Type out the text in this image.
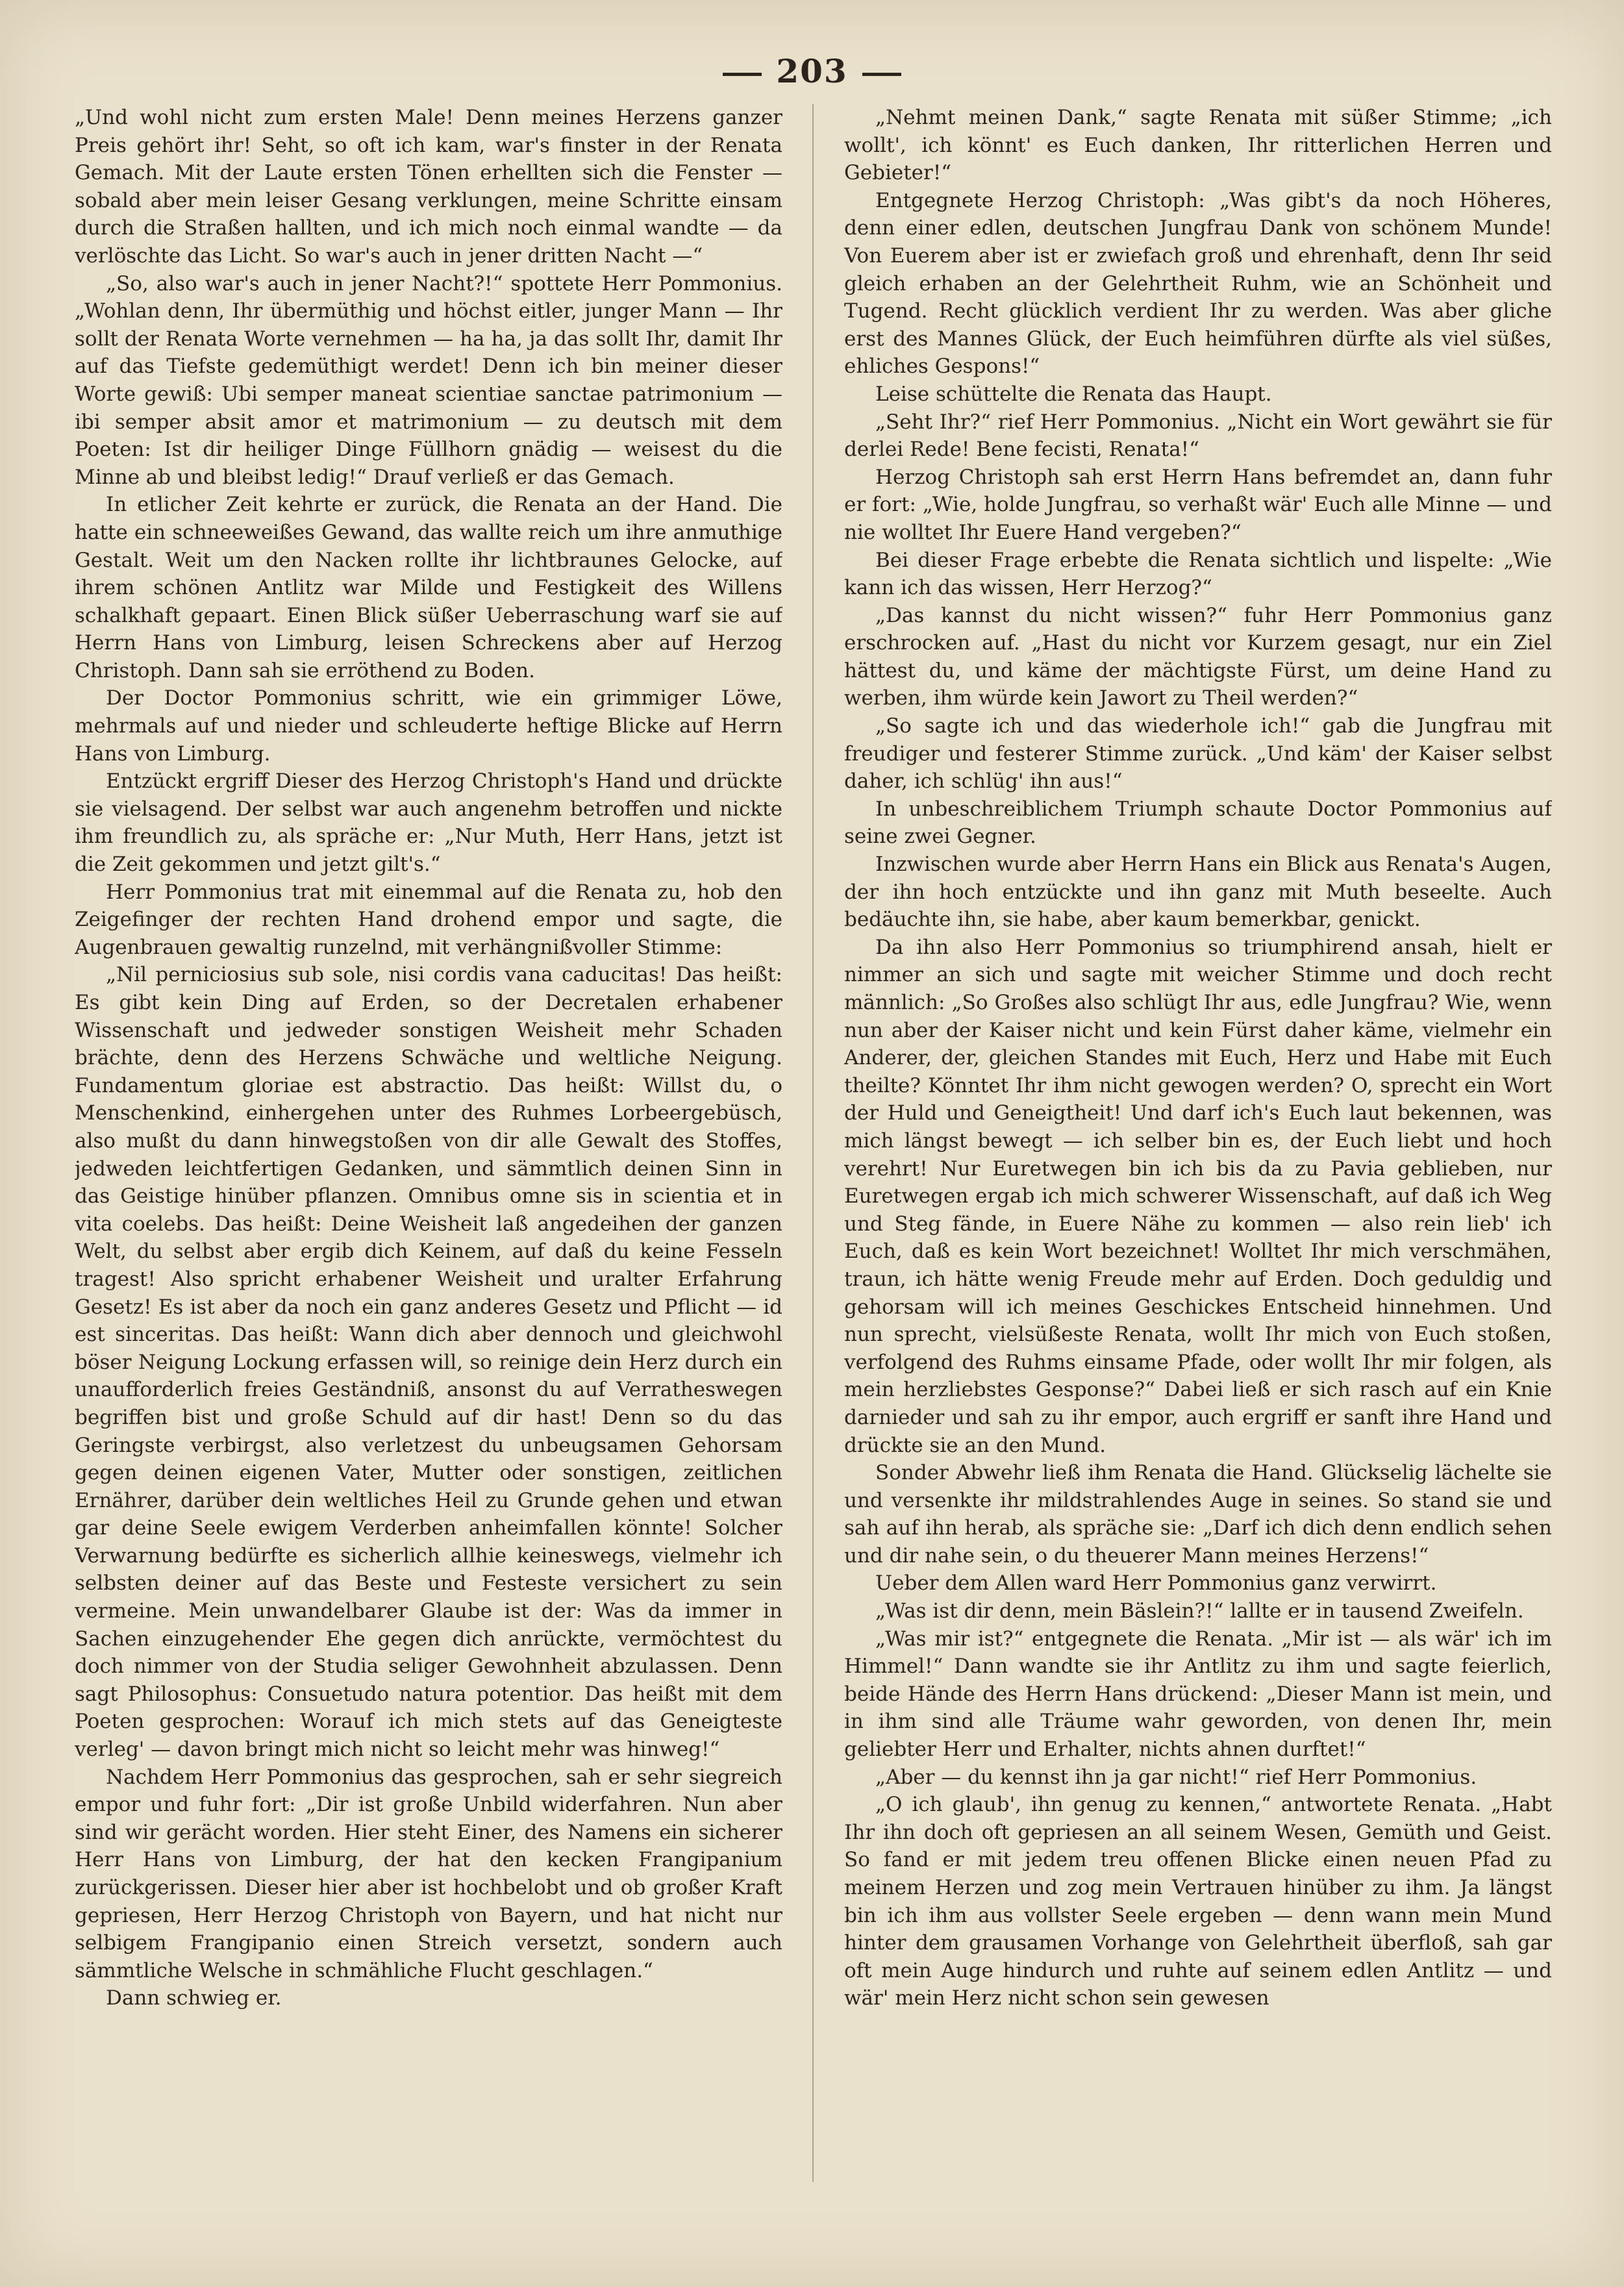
203

„Und wohl nicht zum ersten Male! Denn meines Herzens ganzer Preis gehört ihr! Seht, so oft ich kam, war's finster in der Renata Gemach. Mit der Laute ersten Tönen erhellten sich die Fenster — sobald aber mein leiser Gesang verklungen, meine Schritte einsam durch die Straßen hallten, und ich mich noch einmal wandte — da verlöschte das Licht. So war's auch in jener dritten Nacht —“

„So, also war's auch in jener Nacht?!“ spottete Herr Pommonius. „Wohlan denn, Ihr übermüthig und höchst eitler, junger Mann — Ihr sollt der Renata Worte vernehmen — ha ha, ja das sollt Ihr, damit Ihr auf das Tiefste gedemüthigt werdet! Denn ich bin meiner dieser Worte gewiß: Ubi semper maneat scientiae sanctae patrimonium — ibi semper absit amor et matrimonium — zu deutsch mit dem Poeten: Ist dir heiliger Dinge Füllhorn gnädig — weisest du die Minne ab und bleibst ledig!“ Drauf verließ er das Gemach.

In etlicher Zeit kehrte er zurück, die Renata an der Hand. Die hatte ein schneeweißes Gewand, das wallte reich um ihre anmuthige Gestalt. Weit um den Nacken rollte ihr lichtbraunes Gelocke, auf ihrem schönen Antlitz war Milde und Festigkeit des Willens schalkhaft gepaart. Einen Blick süßer Ueberraschung warf sie auf Herrn Hans von Limburg, leisen Schreckens aber auf Herzog Christoph. Dann sah sie erröthend zu Boden.

Der Doctor Pommonius schritt, wie ein grimmiger Löwe, mehrmals auf und nieder und schleuderte heftige Blicke auf Herrn Hans von Limburg.

Entzückt ergriff Dieser des Herzog Christoph's Hand und drückte sie vielsagend. Der selbst war auch angenehm betroffen und nickte ihm freundlich zu, als spräche er: „Nur Muth, Herr Hans, jetzt ist die Zeit gekommen und jetzt gilt's.“

Herr Pommonius trat mit einemmal auf die Renata zu, hob den Zeigefinger der rechten Hand drohend empor und sagte, die Augenbrauen gewaltig runzelnd, mit verhängnißvoller Stimme:

„Nil perniciosius sub sole, nisi cordis vana caducitas! Das heißt: Es gibt kein Ding auf Erden, so der Decretalen erhabener Wissenschaft und jedweder sonstigen Weisheit mehr Schaden brächte, denn des Herzens Schwäche und weltliche Neigung. Fundamentum gloriae est abstractio. Das heißt: Willst du, o Menschenkind, einhergehen unter des Ruhmes Lorbeergebüsch, also mußt du dann hinwegstoßen von dir alle Gewalt des Stoffes, jedweden leichtfertigen Gedanken, und sämmtlich deinen Sinn in das Geistige hinüber pflanzen. Omnibus omne sis in scientia et in vita coelebs. Das heißt: Deine Weisheit laß angedeihen der ganzen Welt, du selbst aber ergib dich Keinem, auf daß du keine Fesseln tragest! Also spricht erhabener Weisheit und uralter Erfahrung Gesetz! Es ist aber da noch ein ganz anderes Gesetz und Pflicht — id est sinceritas. Das heißt: Wann dich aber dennoch und gleichwohl böser Neigung Lockung erfassen will, so reinige dein Herz durch ein unaufforderlich freies Geständniß, ansonst du auf Verratheswegen begriffen bist und große Schuld auf dir hast! Denn so du das Geringste verbirgst, also verletzest du unbeugsamen Gehorsam gegen deinen eigenen Vater, Mutter oder sonstigen, zeitlichen Ernährer, darüber dein weltliches Heil zu Grunde gehen und etwan gar deine Seele ewigem Verderben anheimfallen könnte! Solcher Verwarnung bedürfte es sicherlich allhie keineswegs, vielmehr ich selbsten deiner auf das Beste und Festeste versichert zu sein vermeine. Mein unwandelbarer Glaube ist der: Was da immer in Sachen einzugehender Ehe gegen dich anrückte, vermöchtest du doch nimmer von der Studia seliger Gewohnheit abzulassen. Denn sagt Philosophus: Consuetudo natura potentior. Das heißt mit dem Poeten gesprochen: Worauf ich mich stets auf das Geneigteste verleg' — davon bringt mich nicht so leicht mehr was hinweg!“

Nachdem Herr Pommonius das gesprochen, sah er sehr siegreich empor und fuhr fort: „Dir ist große Unbild widerfahren. Nun aber sind wir gerächt worden. Hier steht Einer, des Namens ein sicherer Herr Hans von Limburg, der hat den kecken Frangipanium zurückgerissen. Dieser hier aber ist hochbelobt und ob großer Kraft gepriesen, Herr Herzog Christoph von Bayern, und hat nicht nur selbigem Frangipanio einen Streich versetzt, sondern auch sämmtliche Welsche in schmähliche Flucht geschlagen.“

Dann schwieg er.

„Nehmt meinen Dank,“ sagte Renata mit süßer Stimme; „ich wollt', ich könnt' es Euch danken, Ihr ritterlichen Herren und Gebieter!“

Entgegnete Herzog Christoph: „Was gibt's da noch Höheres, denn einer edlen, deutschen Jungfrau Dank von schönem Munde! Von Euerem aber ist er zwiefach groß und ehrenhaft, denn Ihr seid gleich erhaben an der Gelehrtheit Ruhm, wie an Schönheit und Tugend. Recht glücklich verdient Ihr zu werden. Was aber gliche erst des Mannes Glück, der Euch heimführen dürfte als viel süßes, ehliches Gespons!“

Leise schüttelte die Renata das Haupt.

„Seht Ihr?“ rief Herr Pommonius. „Nicht ein Wort gewährt sie für derlei Rede! Bene fecisti, Renata!“

Herzog Christoph sah erst Herrn Hans befremdet an, dann fuhr er fort: „Wie, holde Jungfrau, so verhaßt wär' Euch alle Minne — und nie wolltet Ihr Euere Hand vergeben?“

Bei dieser Frage erbebte die Renata sichtlich und lispelte: „Wie kann ich das wissen, Herr Herzog?“

„Das kannst du nicht wissen?“ fuhr Herr Pommonius ganz erschrocken auf. „Hast du nicht vor Kurzem gesagt, nur ein Ziel hättest du, und käme der mächtigste Fürst, um deine Hand zu werben, ihm würde kein Jawort zu Theil werden?“

„So sagte ich und das wiederhole ich!“ gab die Jungfrau mit freudiger und festerer Stimme zurück. „Und käm' der Kaiser selbst daher, ich schlüg' ihn aus!“

In unbeschreiblichem Triumph schaute Doctor Pommonius auf seine zwei Gegner.

Inzwischen wurde aber Herrn Hans ein Blick aus Renata's Augen, der ihn hoch entzückte und ihn ganz mit Muth beseelte. Auch bedäuchte ihn, sie habe, aber kaum bemerkbar, genickt.

Da ihn also Herr Pommonius so triumphirend ansah, hielt er nimmer an sich und sagte mit weicher Stimme und doch recht männlich: „So Großes also schlügt Ihr aus, edle Jungfrau? Wie, wenn nun aber der Kaiser nicht und kein Fürst daher käme, vielmehr ein Anderer, der, gleichen Standes mit Euch, Herz und Habe mit Euch theilte? Könntet Ihr ihm nicht gewogen werden? O, sprecht ein Wort der Huld und Geneigtheit! Und darf ich's Euch laut bekennen, was mich längst bewegt — ich selber bin es, der Euch liebt und hoch verehrt! Nur Euretwegen bin ich bis da zu Pavia geblieben, nur Euretwegen ergab ich mich schwerer Wissenschaft, auf daß ich Weg und Steg fände, in Euere Nähe zu kommen — also rein lieb' ich Euch, daß es kein Wort bezeichnet! Wolltet Ihr mich verschmähen, traun, ich hätte wenig Freude mehr auf Erden. Doch geduldig und gehorsam will ich meines Geschickes Entscheid hinnehmen. Und nun sprecht, vielsüßeste Renata, wollt Ihr mich von Euch stoßen, verfolgend des Ruhms einsame Pfade, oder wollt Ihr mir folgen, als mein herzliebstes Gesponse?“ Dabei ließ er sich rasch auf ein Knie darnieder und sah zu ihr empor, auch ergriff er sanft ihre Hand und drückte sie an den Mund.

Sonder Abwehr ließ ihm Renata die Hand. Glückselig lächelte sie und versenkte ihr mildstrahlendes Auge in seines. So stand sie und sah auf ihn herab, als spräche sie: „Darf ich dich denn endlich sehen und dir nahe sein, o du theuerer Mann meines Herzens!“

Ueber dem Allen ward Herr Pommonius ganz verwirrt.

„Was ist dir denn, mein Bäslein?!“ lallte er in tausend Zweifeln.

„Was mir ist?“ entgegnete die Renata. „Mir ist — als wär' ich im Himmel!“ Dann wandte sie ihr Antlitz zu ihm und sagte feierlich, beide Hände des Herrn Hans drückend: „Dieser Mann ist mein, und in ihm sind alle Träume wahr geworden, von denen Ihr, mein geliebter Herr und Erhalter, nichts ahnen durftet!“

„Aber — du kennst ihn ja gar nicht!“ rief Herr Pommonius.

„O ich glaub', ihn genug zu kennen,“ antwortete Renata. „Habt Ihr ihn doch oft gepriesen an all seinem Wesen, Gemüth und Geist. So fand er mit jedem treu offenen Blicke einen neuen Pfad zu meinem Herzen und zog mein Vertrauen hinüber zu ihm. Ja längst bin ich ihm aus vollster Seele ergeben — denn wann mein Mund hinter dem grausamen Vorhange von Gelehrtheit überfloß, sah gar oft mein Auge hindurch und ruhte auf seinem edlen Antlitz — und wär' mein Herz nicht schon sein gewesen
